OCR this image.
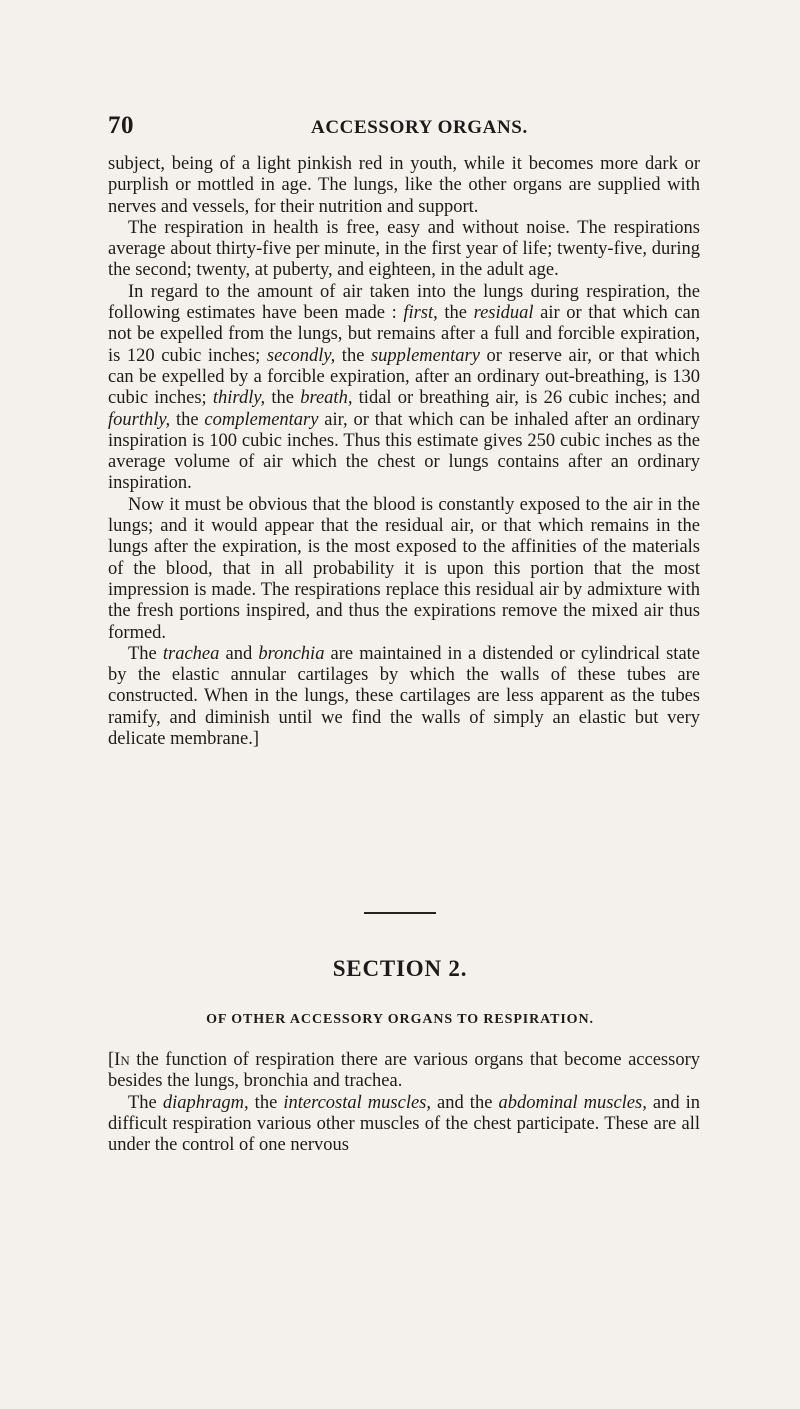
70	ACCESSORY ORGANS.

subject, being of a light pinkish red in youth, while it becomes more dark or purplish or mottled in age. The lungs, like the other organs are supplied with nerves and vessels, for their nutrition and support.

The respiration in health is free, easy and without noise. The respirations average about thirty-five per minute, in the first year of life; twenty-five, during the second; twenty, at puberty, and eighteen, in the adult age.

In regard to the amount of air taken into the lungs during respiration, the following estimates have been made : first, the residual air or that which can not be expelled from the lungs, but remains after a full and forcible expiration, is 120 cubic inches; secondly, the supplementary or reserve air, or that which can be expelled by a forcible expiration, after an ordinary out-breathing, is 130 cubic inches; thirdly, the breath, tidal or breathing air, is 26 cubic inches; and fourthly, the complementary air, or that which can be inhaled after an ordinary inspiration is 100 cubic inches. Thus this estimate gives 250 cubic inches as the average volume of air which the chest or lungs contains after an ordinary inspiration.

Now it must be obvious that the blood is constantly exposed to the air in the lungs; and it would appear that the residual air, or that which remains in the lungs after the expiration, is the most exposed to the affinities of the materials of the blood, that in all probability it is upon this portion that the most impression is made. The respirations replace this residual air by admixture with the fresh portions inspired, and thus the expirations remove the mixed air thus formed.

The trachea and bronchia are maintained in a distended or cylindrical state by the elastic annular cartilages by which the walls of these tubes are constructed. When in the lungs, these cartilages are less apparent as the tubes ramify, and diminish until we find the walls of simply an elastic but very delicate membrane.]

SECTION 2.
OF OTHER ACCESSORY ORGANS TO RESPIRATION.

[In the function of respiration there are various organs that become accessory besides the lungs, bronchia and trachea.

The diaphragm, the intercostal muscles, and the abdominal muscles, and in difficult respiration various other muscles of the chest participate. These are all under the control of one nervous
